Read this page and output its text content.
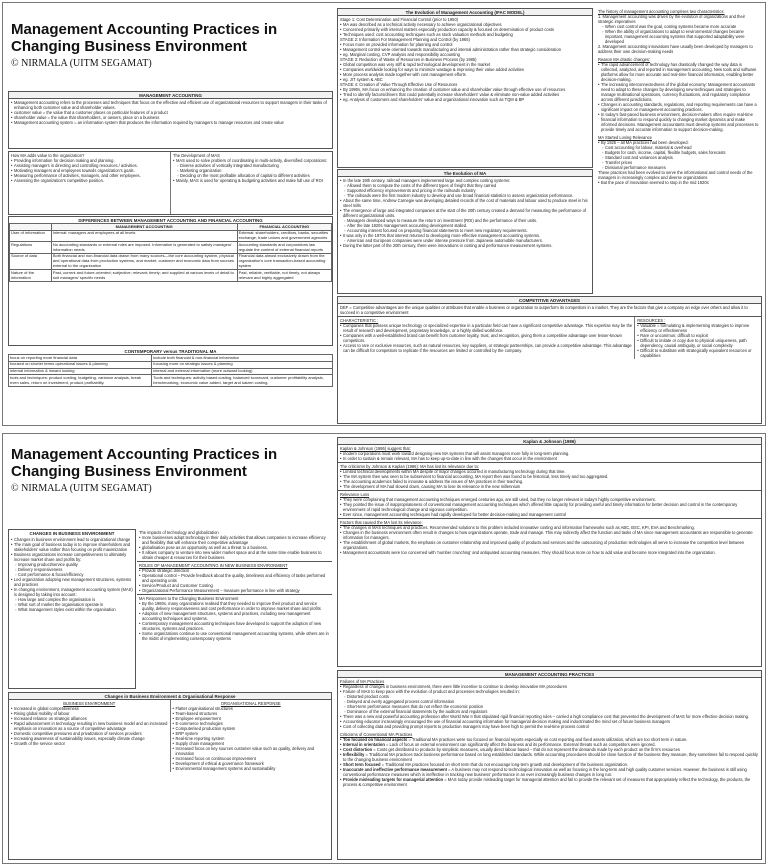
Management Accounting Practices in Changing Business Environment
© NIRMALA (UITM SEGAMAT)
MANAGEMENT ACCOUNTING
• Management accounting refers to the processes and techniques that focus on the effective and efficient use of organizational resources to support managers in their tasks of enhancing both customer value and shareholder values.
• customer value = the value that a customer places on particular features of a product
• shareholder value = the value that shareholders, or owners, place on a business
• Management accounting system = an information system that produces the information required by managers to manage resources and create value
How MA adds value to the organization?
• Providing information for decision making and planning.
• Assisting managers in directing and controlling resources / activities.
• Motivating managers and employees towards organization's goals.
• Measuring performance of activities, managers, and other employees.
• Assessing the organization's competitive position.
The Development of MAS
• MAS used to solve problem of coordinating in multi-activity, diversified corporations:
◦ Diverse activities of vertically integrated manufacturing
◦ Marketing organization
◦ Deciding on the most profitable allocation of capital to different activities
• Mainly, MAS is used for operating & budgeting activities and make full use of ROI
DIFFERENCES BETWEEN MANAGEMENT ACCOUNTING AND FINANCIAL ACCOUNTING
	MANAGEMENT ACCOUNTING	FINANCIAL ACCOUNTING
User of information	Internal: managers and employees at all levels	External: shareholders, creditors, banks, securities exchange, trade unions and government agencies
Regulations	No accounting standards or external rules are imposed. Information is generated to satisfy managers' information needs	Accounting standards and corporations law regulate the content of external financial reports
Source of data	Both financial and non-financial data drawn from many sources—the core accounting system, physical and operational data from production systems, and market, customer and economic data from sources external to the organization	Financial data almost exclusively drawn from the organization's core transaction-based accounting system
Nature of the information	Past, current and future-oriented; subjective; relevant; timely; and supplied at various levels of detail to suit managers' specific needs	Past, reliable, verifiable, not timely, not always relevant and highly aggregated
CONTEMPORARY versus TRADITIONAL MA
focus on reporting more financial data	include both financial & non-financial information
focused on shorter terms operational issues & planning	focusing more on strategic issues & planning
internal information & inward looking	internal and external information (more outward looking)
tools and techniques: product costing, budgeting, variance analysis, break even sales, return on investment, product profitability.	Tools and techniques: activity based costing, balanced scorecard, customer profitability analysis, benchmarking, economic value added, target and kaizen costing.
The Evolution of Management Accounting (IFAC MODEL)
Stage 1: Cost Determination and Financial Control (prior to 1950)
• MA was described as a technical activity necessary to achieve organizational objectives
• Concerned primarily with internal matters especially production capacity & focused on determination of product costs
• Techniques used: cost accounting techniques such as stock valuation methods and budgeting
STAGE 2: Information For Management Planning and Control (by 1965)
• Focus more on provided information for planning and control
• Management control were oriented towards manufacturing and internal administration rather than strategic consideration
• eg. Marginal costing, CVP analysis and responsibility accounting
STAGE 3: Reduction of Waste of Resources in Business Process (by 1985)
• Global competition was very stiff & rapid technological development in the market
• Companies worldwide looking for ways to minimize wastage & improving their value added activities
• More process analysis made together with cost management efforts
• eg. JIT system & ABC
STAGE 4: Creation of Value Through Effective Use of Resources
• By 1990s, MA focus on enhancing the creation of customer value and shareholder value through effective use of resources
• Tried to identify factors/drivers that could potentially increase shareholders' value & eliminate non-value added activities
• eg. Analysis of customers and shareholders' value and organizational innovation such as TQM & BP
The Evolution of MA
• In the late 19th century, railroad managers implemented large and complex costing systems:
◦ Allowed them to compute the costs of the different types of freight that they carried
◦ Supported efficiency improvements and pricing in the railroads industry
◦ The railroads were the first modern industry to develop and use broad financial statistics to assess organization performance.
• About the same time, Andrew Carnegie was developing detailed records of the cost of materials and labour used to produce steel in his steel mills
• The emergence of large and integrated companies at the start of the 20th century created a demand for measuring the performance of different organizational units.
◦ Managers developed ways to measure the return on investment (ROI) and the performance of their units.
◦ After the late 1920s management accounting development stalled.
◦ Accounting interest focused on preparing financial statements to meet new regulatory requirements.
• It was only in the 1970s that interest returned to developing more effective management accounting systems.
◦ American and European companies were under intense pressure from Japanese automobile manufacturers.
• During the latter part of the 20th century, there were innovations in costing and performance measurement systems.
The history of management accounting comprises two characteristics:
1. Management accounting was driven by the evolution of organizations and their strategic imperatives
◦ When cost control was the goal, costing systems became more accurate
◦ When the ability of organizations to adapt to environmental changes became important, management accounting systems that supported adaptability were developed
2. Management accounting innovations have usually been developed by managers to address their own decision-making needs
Reason MA drastic changes:
• The rapid advancement of technology has drastically changed the way data is collected, analyzed, and reported in management accounting. New tools and software platforms allow for more accurate and real-time financial information, enabling better decision-making.
• The increasing interconnectedness of the global economy: Management accountants need to adapt to these changes by developing new techniques and strategies to manage multinational operations, currency fluctuations, and regulatory compliance across different jurisdictions.
• Changes in accounting standards, regulations, and reporting requirements can have a significant impact on management accounting practices.
• In today's fast-paced business environment, decision-makers often require real-time financial information to respond quickly to changing market dynamics and make informed decisions. Management accountants must develop systems and processes to provide timely and accurate information to support decision-making.
MA Started Losing Relevance
• By 1925 – all MA practices had been developed:
◦ Cost accounting for labour, material & overhead
◦ Budgets for cash, income, capital, flexible budgets, sales forecasts
◦ Standard cost and variances analysis
◦ Transfer prices
◦ Divisional performance measures
These practices had been evolved to serve the informational and control needs of the managers in increasingly complex and diverse organizations
• But the pace of innovation seemed to stop in the mid 1920s
COMPETITIVE ADVANTAGES
DEF = Competitive advantages are the unique qualities or attributes that enable a business or organization to outperform its competitors in a market. They are the factors that give a company an edge over others and allow it to succeed in a competitive environment
CHARACTERISTIC :
• Companies that possess unique technology or specialized expertise in a particular field can have a significant competitive advantage. This expertise may be the result of research and development, proprietary knowledge, or a highly skilled workforce.
• Companies with a well-established brand can benefit from customer loyalty, trust, and recognition, giving them a competitive advantage over lesser-known competitors.
• Access to rare or exclusive resources, such as natural resources, key suppliers, or strategic partnerships, can provide a competitive advantage. This advantage can be difficult for competitors to replicate if the resources are limited or controlled by the company.
RESOURCES :
• Valuable = formulating & implementing strategies to improve efficiency or effectiveness
• Rare or uncommon; difficult to exploit
• Difficult to imitate or copy due to physical uniqueness, path dependency, causal ambiguity, or social complexity
• Difficult to substitute with strategically equivalent resources or capabilities
Management Accounting Practices in Changing Business Environment
© NIRMALA (UITM SEGAMAT)
CHANGES IN BUSINESS ENVIRONMENT
• Changes in business environment lead to organizational change
• The main goal of business today is to improve shareholders and stakeholders' value rather than focusing on profit maximization
• Business organizations increase competitiveness to ultimately increase market share and profits by:
◦ Improving product/service quality
◦ Delivery responsiveness
◦ Cost performance & focus/efficiency
• Led organization adopting new management structures, systems and practices
• In changing environment, management accounting system (MAS) is designed by taking into account:
◦ How large and complex the organisation is
◦ What sort of market the organisation operate in
◦ What management styles exist within the organisation
The impacts of technology and globalization
• more businesses adopt technology in their daily activities that allows companies to increase efficiency and flexibility that will enhance their competitive advantage
• globalisation pose as an opportunity as well as a threat to a business.
• It allows company to venture into new wider market space and at the same time enable business to obtain cheaper & resources for their business
ROLES OF MANAGEMENT ACCOUNTING IN NEW BUSINESS ENVIRONMENT
• Provide strategic direction
• Operational control – Provide feedback about the quality, timeliness and efficiency of tasks performed and operating units
• Service/Product and Customer Costing
• Organizational Performance Measurement – measure performance in line with strategy
MA Responses to the Changing Business Environment
• By the 1980s, many organizations realised that they needed to improve their product and service quality, delivery responsiveness and cost performance in order to improve market share and profits
• Adoption of new management structures, systems and practices, including new management accounting techniques and systems.
• Contemporary management accounting techniques have developed to support the adoption of new structures, systems and practices.
• Some organizations continue to use conventional management accounting systems, while others are in the midst of implementing contemporary systems
Changes in Business Environment & Organisational Response
BUSINESS ENVIRONMENT
• Increased in global competitiveness
• Rising global mobility of labour
• Increased reliance on strategic alliances
• Rapid advancement in technology resulting in new business model and an increased emphasis on innovation as a source of competitive advantage
• Domestic competitive pressures and privatization of services providers
• Increasing awareness of sustainability issues, especially climate change
• Growth of the service sector
ORGANISATIONAL RESPONSE
• Flatter organisational structures
• Team-based structures
• Employee empowerment
• E-commerce technologies
• Computerised production system
• ERP system
• Real-time reporting system
• Supply chain management
• Increased focus on key sources customer value such as quality, delivery and innovation
• Increased focus on continuous improvement
• Development of ethical & governance framework
• Environmental management systems and sustainability
Kaplan & Johnson (1986)
Kaplan & Johnson (1986) suggest that:
• modern corporations must work toward designing new MA systems that will assist managers more fully in long-term planning.
• In order to sustain & remain relevant, MA has to keep up-to-date in line with the changes that occur in the environment
The criticisms by Johnson & Kaplan (1986): MA has lost its relevance due to:
• Limited technical developments within MA despite of major changes occurred in manufacturing technology during that time.
• The MA system then was seen to be subservient to financial accounting, MA report then was found to be historical, less timely and too aggregated.
• The accounting academics failed to innovate & address the issues of MA practices in their teaching.
• The development of MA had slowed down, causing MA to lose its relevance in the new millennium
Relevance Loss
• They were complaining that management accounting techniques emerged centuries ago, are still used, but they no longer relevant in today's highly competitive environment.
• They pointed the issue of inappropriateness of conventional management accounting techniques which offered little capacity for providing useful and timely information for better decision and control in the contemporary environment of rapid technological change and vigorous competition.
• Ever since, management accounting techniques had rapidly developed for better decision-making and management control
Factors that caused the MA lost its relevance:
• The changes in MAS techniques and practices. Recommended solutions to this problem included innovative costing and information frameworks such as ABC, BSC, KPI, EVA and Benchmarking.
• Changes in the business environment often result in changes to how organizations operate, trade and manage. This may indirectly affect the function and tasks of MA since management accountants are responsible to generate information for managers.
• The establishment of global markets, the emphasis on customer relationship and improved quality of products and services and the outsourcing of production technologies all serve to increase the competition level between organizations.
• Management accountants were too concerned with 'number crunching' and antiquated accounting measures. They should focus more on how to add value and become more integrated into the organization.
MANAGEMENT ACCOUNTING PRACTICES
Failures of MA Practices
• Regardless of changes in business environment, there were little incentive to continue to develop innovative MA procedures
• Failure of MAS to keep pace with the evolution of product and processes technologies resulted in:
◦ Distorted product costs
◦ Delayed and overly aggregated process control information
◦ Short-term performance measures that do not reflect the economic position
◦ Dominance of the external financial statements by the auditors and regulators
• There was a new and powerful accounting profession after World War II that stipulated rigid financial reporting rules – carried a high compliance cost that prevented the development of MAS for more effective decision making.
• Accounting educator increasingly encouraged the use of financial accounting information for managerial decision making and indoctrinated the mind set of future business managers
• Cost of collecting data and providing prompt reports to production managers may have been high to permit the real-time process control
Criticisms of Conventional MA Practices
• Too focused on financial aspects = Traditional MA practices were too focused on financial reports especially on cost reporting and fixed assets utilization, which are too short term in nature.
• Internal in orientation = Lack of focus on external environment can significantly affect the business and its performance. External threats such as competitors were ignored.
• Cost distortion = Costs get distributed to products by simplistic measures, usually direct labour based – that do not represent the demands made by each product on the firm's resources
• Inflexibility = Traditional MA practices track business performance based on long established standards. While accounting procedures should be close function of the business they measure, they sometimes fail to respond quickly to the changing business environment
• Short term focused = Traditional MA practices focused on short term that do not encourage long-term growth and development of the business organization.
• Inaccurate and ineffective performance measurement = A business may not respond to technological innovation as well as focusing in the long-term and high quality customer services. However, the business is still using conventional performance measures which is ineffective in tracking new business' performance in an ever increasingly business changes in long run.
• Provide misleading targets for managerial attention = MAS today provide misleading target for managerial attention and fail to provide the relevant set of measures that appropriately reflect the technology, the products, the process & competitive environment
